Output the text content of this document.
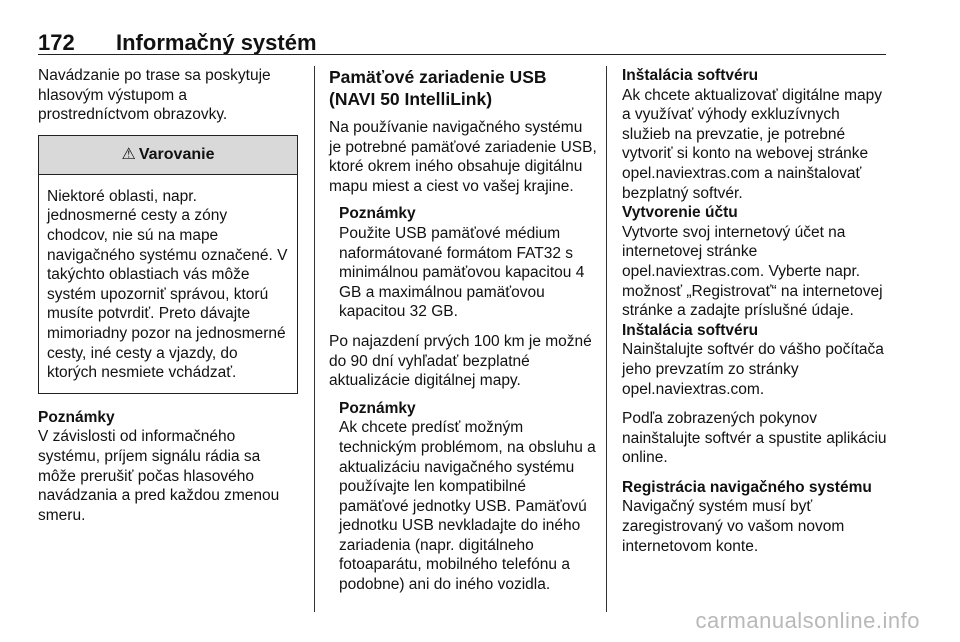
172 Informačný systém

Navádzanie po trase sa poskytuje hlasovým výstupom a prostredníctvom obrazovky.

⚠ Varovanie

Niektoré oblasti, napr. jednosmerné cesty a zóny chodcov, nie sú na mape navigačného systému označené. V takýchto oblastiach vás môže systém upozorniť správou, ktorú musíte potvrdiť. Preto dávajte mimoriadny pozor na jednosmerné cesty, iné cesty a vjazdy, do ktorých nesmiete vchádzať.

Poznámky

V závislosti od informačného systému, príjem signálu rádia sa môže prerušiť počas hlasového navádzania a pred každou zmenou smeru.

Pamäťové zariadenie USB (NAVI 50 IntelliLink)

Na používanie navigačného systému je potrebné pamäťové zariadenie USB, ktoré okrem iného obsahuje digitálnu mapu miest a ciest vo vašej krajine.

Poznámky

Použite USB pamäťové médium naformátované formátom FAT32 s minimálnou pamäťovou kapacitou 4 GB a maximálnou pamäťovou kapacitou 32 GB.

Po najazdení prvých 100 km je možné do 90 dní vyhľadať bezplatné aktualizácie digitálnej mapy.

Poznámky

Ak chcete predísť možným technickým problémom, na obsluhu a aktualizáciu navigačného systému používajte len kompatibilné pamäťové jednotky USB. Pamäťovú jednotku USB nevkladajte do iného zariadenia (napr. digitálneho fotoaparátu, mobilného telefónu a podobne) ani do iného vozidla.

Inštalácia softvéru

Ak chcete aktualizovať digitálne mapy a využívať výhody exkluzívnych služieb na prevzatie, je potrebné vytvoriť si konto na webovej stránke opel.naviextras.com a nainštalovať bezplatný softvér.

Vytvorenie účtu

Vytvorte svoj internetový účet na internetovej stránke opel.naviextras.com. Vyberte napr. možnosť „Registrovať“ na internetovej stránke a zadajte príslušné údaje.

Inštalácia softvéru

Nainštalujte softvér do vášho počítača jeho prevzatím zo stránky opel.naviextras.com.

Podľa zobrazených pokynov nainštalujte softvér a spustite aplikáciu online.

Registrácia navigačného systému

Navigačný systém musí byť zaregistrovaný vo vašom novom internetovom konte.

carmanualsonline.info
